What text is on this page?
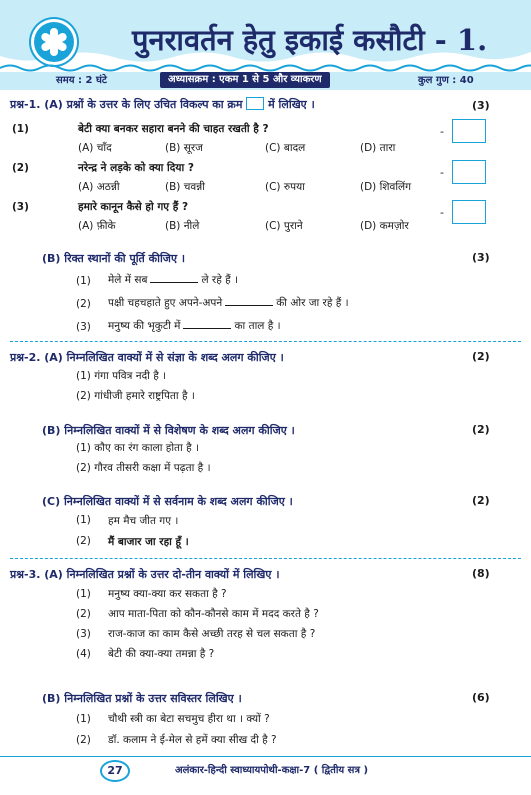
पुनरावर्तन हेतु इकाई कसौटी - 1.
समय : 2 घंटे	अध्यासक्रम : एकम 1 से 5 और व्याकरण	कुल गुण : 40
प्रश्न-1. (A) प्रश्नों के उत्तर के लिए उचित विकल्प का क्रम में लिखिए ।	(3)
(1)	बेटी क्या बनकर सहारा बनने की चाहत रखती है ?
(A) चाँद	(B) सूरज	(C) बादल	(D) तारा
-
(2)	नरेन्द्र ने लड़के को क्या दिया ?
(A) अठन्नी	(B) चवन्नी	(C) रुपया	(D) शिवलिंग
-
(3)	हमारे कानून कैसे हो गए हैं ?
(A) फ़ीके	(B) नीले	(C) पुराने	(D) कमज़ोर
-
(B) रिक्त स्थानों की पूर्ति कीजिए ।	(3)
(1) मेले में सब	ले रहे हैं ।
(2) पक्षी चहचहाते हुए अपने-अपने	की ओर जा रहे हैं ।
(3) मनुष्य की भृकुटी में	का ताल है ।
प्रश्न-2. (A) निम्नलिखित वाक्यों में से संज्ञा के शब्द अलग कीजिए ।	(2)
(1) गंगा पवित्र नदी है ।
(2) गांधीजी हमारे राष्ट्रपिता है ।
(B) निम्नलिखित वाक्यों में से विशेषण के शब्द अलग कीजिए ।	(2)
(1) कौए का रंग काला होता है ।
(2) गौरव तीसरी कक्षा में पढ़ता है ।
(C) निम्नलिखित वाक्यों में से सर्वनाम के शब्द अलग कीजिए ।	(2)
(1) हम मैच जीत गए ।
(2) मैं बाजार जा रहा हूँ ।
प्रश्न-3. (A) निम्नलिखित प्रश्नों के उत्तर दो-तीन वाक्यों में लिखिए ।	(8)
(1) मनुष्य क्या-क्या कर सकता है ?
(2) आप माता-पिता को कौन-कौनसे काम में मदद करते है ?
(3) राज-काज का काम कैसे अच्छी तरह से चल सकता है ?
(4) बेटी की क्या-क्या तमन्ना है ?
(B) निम्नलिखित प्रश्नों के उत्तर सविस्तर लिखिए ।	(6)
(1) चौथी स्त्री का बेटा सचमुच हीरा था । क्यों ?
(2) डॉ. कलाम ने ई-मेल से हमें क्या सीख दी है ?
27	अलंकार-हिन्दी स्वाध्यायपोथी-कक्षा-7 ( द्वितीय सत्र )
